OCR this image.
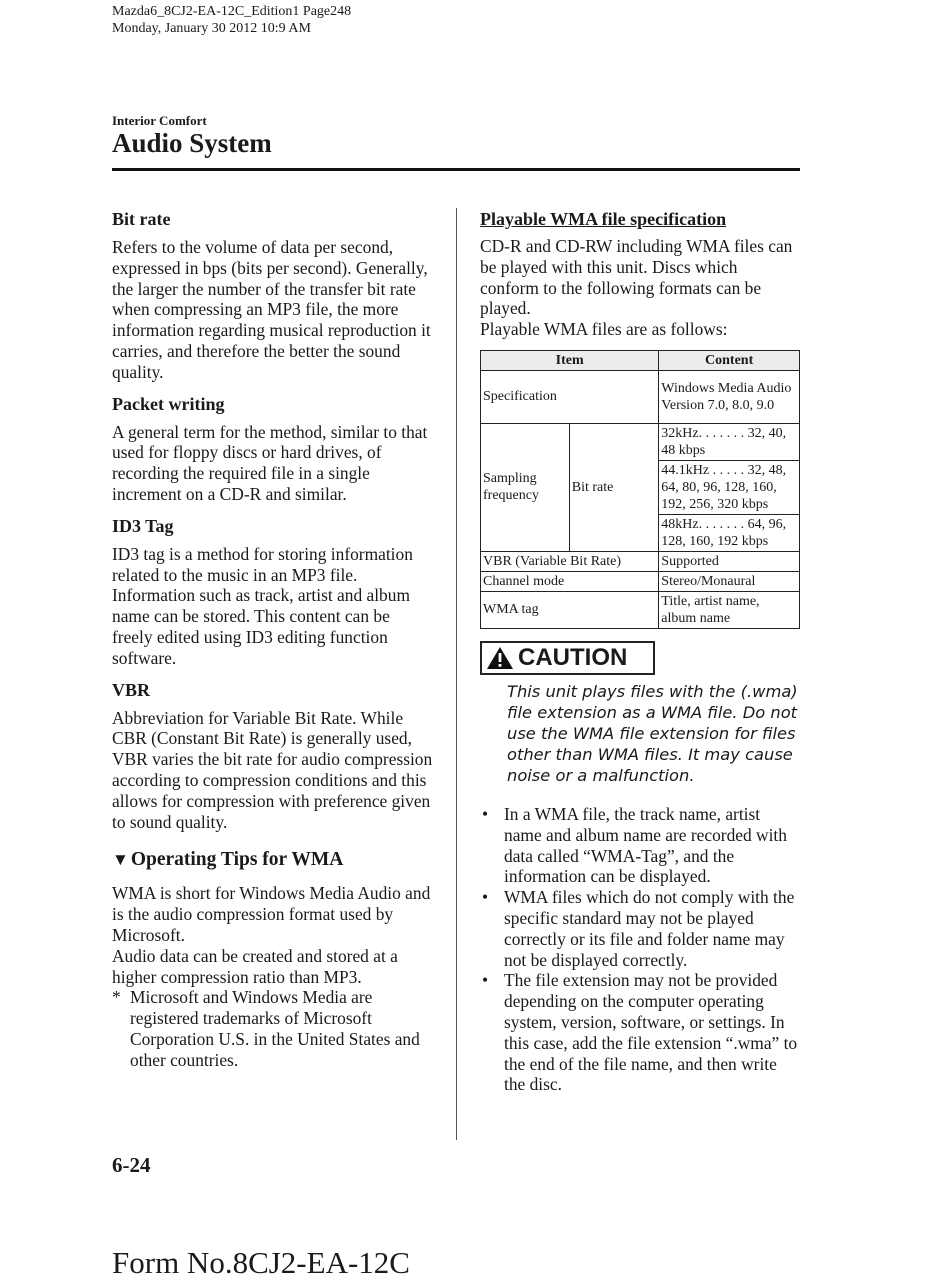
Mazda6_8CJ2-EA-12C_Edition1 Page248
Monday, January 30 2012 10:9 AM
Interior Comfort
Audio System

Bit rate

Refers to the volume of data per second, expressed in bps (bits per second). Generally, the larger the number of the transfer bit rate when compressing an MP3 file, the more information regarding musical reproduction it carries, and therefore the better the sound quality.

Packet writing

A general term for the method, similar to that used for floppy discs or hard drives, of recording the required file in a single increment on a CD-R and similar.

ID3 Tag

ID3 tag is a method for storing information related to the music in an MP3 file. Information such as track, artist and album name can be stored. This content can be freely edited using ID3 editing function software.

VBR

Abbreviation for Variable Bit Rate. While CBR (Constant Bit Rate) is generally used, VBR varies the bit rate for audio compression according to compression conditions and this allows for compression with preference given to sound quality.

▼ Operating Tips for WMA

WMA is short for Windows Media Audio and is the audio compression format used by Microsoft.

Audio data can be created and stored at a higher compression ratio than MP3.

* Microsoft and Windows Media are registered trademarks of Microsoft Corporation U.S. in the United States and other countries.

Playable WMA file specification

CD-R and CD-RW including WMA files can be played with this unit. Discs which conform to the following formats can be played.

Playable WMA files are as follows:

Item		Content
Specification		Windows Media Audio Version 7.0, 8.0, 9.0
Sampling frequency	Bit rate	32kHz. . . . . . . 32, 40, 48 kbps
		44.1kHz . . . . . 32, 48, 64, 80, 96, 128, 160, 192, 256, 320 kbps
		48kHz. . . . . . . 64, 96, 128, 160, 192 kbps
VBR (Variable Bit Rate)		Supported
Channel mode		Stereo/Monaural
WMA tag		Title, artist name, album name
CAUTION
This unit plays files with the (.wma) file extension as a WMA file. Do not use the WMA file extension for files other than WMA files. It may cause noise or a malfunction.
• In a WMA file, the track name, artist name and album name are recorded with data called “WMA-Tag”, and the information can be displayed.
• WMA files which do not comply with the specific standard may not be played correctly or its file and folder name may not be displayed correctly.
• The file extension may not be provided depending on the computer operating system, version, software, or settings. In this case, add the file extension “.wma” to the end of the file name, and then write the disc.
6-24
Form No.8CJ2-EA-12C
